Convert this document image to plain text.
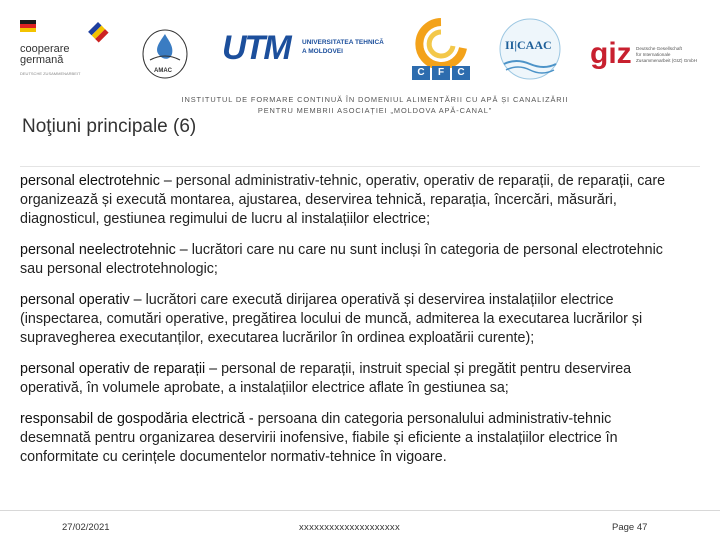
cooperare
germană
DEUTSCHE ZUSAMMENARBEIT	AMAC
UTM UNIVERSITATEA TEHNICĂ
A MOLDOVEI
C	F	C
II|CAAC giz Deutsche Gesellschaft
für Internationale
Zusammenarbeit (GIZ) GmbH
INSTITUTUL DE FORMARE CONTINUĂ ÎN DOMENIUL ALIMENTĂRII CU APĂ ȘI CANALIZĂRII
PENTRU MEMBRII ASOCIAȚIEI „MOLDOVA APĂ-CANAL”
Noţiuni principale (6)

personal electrotehnic – personal administrativ-tehnic, operativ, operativ de reparații, de reparații, care organizează și execută montarea, ajustarea, deservirea tehnică, reparația, încercări, măsurări, diagnosticul, gestiunea regimului de lucru al instalațiilor electrice;

personal neelectrotehnic – lucrători care nu care nu sunt incluși în categoria de personal electrotehnic sau personal electrotehnologic;

personal operativ – lucrători care execută dirijarea operativă și deservirea instalațiilor electrice (inspectarea, comutări operative, pregătirea locului de muncă, admiterea la executarea lucrărilor și supravegherea executanților, executarea lucrărilor în ordinea exploatării curente);

personal operativ de reparații – personal de reparații, instruit special și pregătit pentru deservirea operativă, în volumele aprobate, a instalațiilor electrice aflate în gestiunea sa;

responsabil de gospodăria electrică - persoana din categoria personalului administrativ-tehnic desemnată pentru organizarea deservirii inofensive, fiabile și eficiente a instalațiilor electrice în conformitate cu cerințele documentelor normativ-tehnice în vigoare.

27/02/2021	xxxxxxxxxxxxxxxxxxxx	Page 47
